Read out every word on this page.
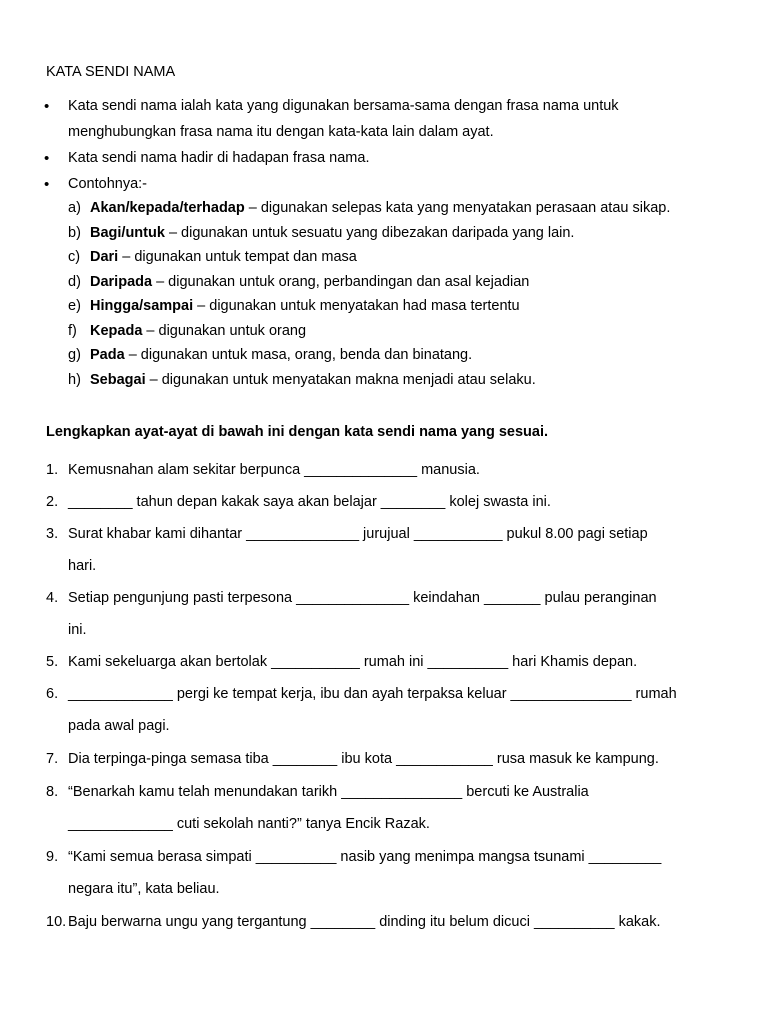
KATA SENDI NAMA
•	Kata sendi nama ialah kata yang digunakan bersama-sama dengan frasa nama untuk
menghubungkan frasa nama itu dengan kata-kata lain dalam ayat.
•	Kata sendi nama hadir di hadapan frasa nama.
•	Contohnya:-
a) Akan/kepada/terhadap – digunakan selepas kata yang menyatakan perasaan atau sikap.
b) Bagi/untuk – digunakan untuk sesuatu yang dibezakan daripada yang lain.
c) Dari – digunakan untuk tempat dan masa
d) Daripada – digunakan untuk orang, perbandingan dan asal kejadian
e) Hingga/sampai – digunakan untuk menyatakan had masa tertentu
f) Kepada – digunakan untuk orang
g) Pada – digunakan untuk masa, orang, benda dan binatang.
h) Sebagai – digunakan untuk menyatakan makna menjadi atau selaku.
Lengkapkan ayat-ayat di bawah ini dengan kata sendi nama yang sesuai.
1. Kemusnahan alam sekitar berpunca ______________ manusia.
2. ________ tahun depan kakak saya akan belajar ________ kolej swasta ini.
3. Surat khabar kami dihantar ______________ jurujual ___________ pukul 8.00 pagi setiap
hari.
4. Setiap pengunjung pasti terpesona ______________ keindahan _______ pulau peranginan
ini.
5. Kami sekeluarga akan bertolak ___________ rumah ini __________ hari Khamis depan.
6. _____________ pergi ke tempat kerja, ibu dan ayah terpaksa keluar _______________ rumah
pada awal pagi.
7. Dia terpinga-pinga semasa tiba ________ ibu kota ____________ rusa masuk ke kampung.
8. “Benarkah kamu telah menundakan tarikh _______________ bercuti ke Australia
_____________ cuti sekolah nanti?” tanya Encik Razak.
9. “Kami semua berasa simpati __________ nasib yang menimpa mangsa tsunami _________
negara itu”, kata beliau.
10. Baju berwarna ungu yang tergantung ________ dinding itu belum dicuci __________ kakak.
